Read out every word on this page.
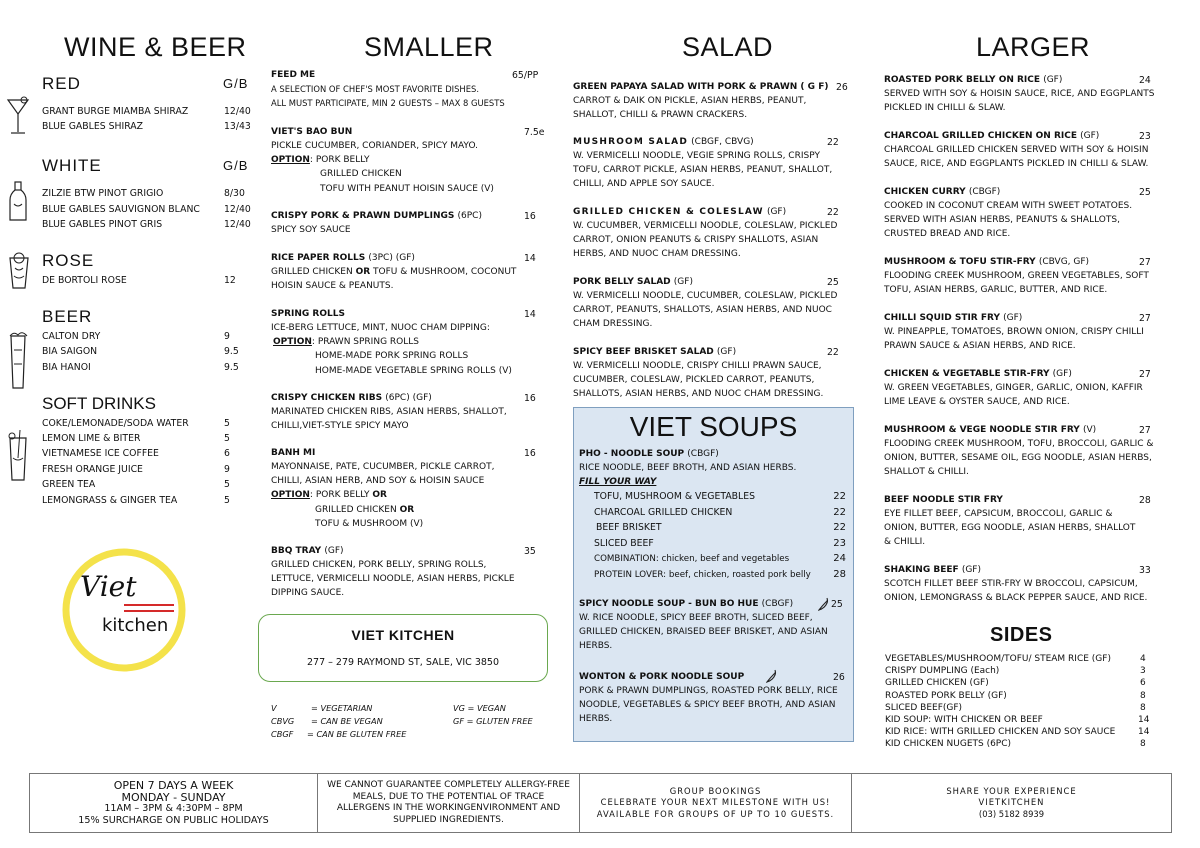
WINE & BEER
RED	G/B
GRANT BURGE MIAMBA SHIRAZ	12/40
BLUE GABLES SHIRAZ	13/43
WHITE	G/B
ZILZIE BTW PINOT GRIGIO	8/30
BLUE GABLES SAUVIGNON BLANC	12/40
BLUE GABLES PINOT GRIS	12/40
ROSE
DE BORTOLI ROSE	12
BEER
CALTON DRY	9
BIA SAIGON	9.5
BIA HANOI	9.5
SOFT DRINKS
COKE/LEMONADE/SODA WATER	5
LEMON LIME & BITER	5
VIETNAMESE ICE COFFEE	6
FRESH ORANGE JUICE	9
GREEN TEA	5
LEMONGRASS & GINGER TEA	5
Viet
kitchen
SMALLER
FEED ME
A SELECTION OF CHEF'S MOST FAVORITE DISHES.
ALL MUST PARTICIPATE, MIN 2 GUESTS – MAX 8 GUESTS
65/PP
VIET'S BAO BUN
PICKLE CUCUMBER, CORIANDER, SPICY MAYO.
OPTION: PORK BELLY
GRILLED CHICKEN
TOFU WITH PEANUT HOISIN SAUCE (V)
7.5e
CRISPY PORK & PRAWN DUMPLINGS (6PC)
SPICY SOY SAUCE
16
RICE PAPER ROLLS (3PC) (GF)
GRILLED CHICKEN OR TOFU & MUSHROOM, COCONUT
HOISIN SAUCE & PEANUTS.
14
SPRING ROLLS
ICE-BERG LETTUCE, MINT, NUOC CHAM DIPPING:
OPTION: PRAWN SPRING ROLLS
HOME-MADE PORK SPRING ROLLS
HOME-MADE VEGETABLE SPRING ROLLS (V)
14
CRISPY CHICKEN RIBS (6PC) (GF)
MARINATED CHICKEN RIBS, ASIAN HERBS, SHALLOT,
CHILLI,VIET-STYLE SPICY MAYO
16
BANH MI
MAYONNAISE, PATE, CUCUMBER, PICKLE CARROT,
CHILLI, ASIAN HERB, AND SOY & HOISIN SAUCE
OPTION: PORK BELLY OR
GRILLED CHICKEN OR
TOFU & MUSHROOM (V)
16
BBQ TRAY (GF)
GRILLED CHICKEN, PORK BELLY, SPRING ROLLS,
LETTUCE, VERMICELLI NOODLE, ASIAN HERBS, PICKLE
DIPPING SAUCE.
35
VIET KITCHEN
277 – 279 RAYMOND ST, SALE, VIC 3850
V	= VEGETARIAN	VG = VEGAN
CBVG = CAN BE VEGAN	GF = GLUTEN FREE
CBGF = CAN BE GLUTEN FREE
SALAD
GREEN PAPAYA SALAD WITH PORK & PRAWN ( G F)
CARROT & DAIK ON PICKLE, ASIAN HERBS, PEANUT,
SHALLOT, CHILLI & PRAWN CRACKERS.
26
MUSHROOM SALAD (CBGF, CBVG)
W. VERMICELLI NOODLE, VEGIE SPRING ROLLS, CRISPY
TOFU, CARROT PICKLE, ASIAN HERBS, PEANUT, SHALLOT,
CHILLI, AND APPLE SOY SAUCE.
22
GRILLED CHICKEN & COLESLAW (GF)
W. CUCUMBER, VERMICELLI NOODLE, COLESLAW, PICKLED
CARROT, ONION PEANUTS & CRISPY SHALLOTS, ASIAN
HERBS, AND NUOC CHAM DRESSING.
22
PORK BELLY SALAD (GF)
W. VERMICELLI NOODLE, CUCUMBER, COLESLAW, PICKLED
CARROT, PEANUTS, SHALLOTS, ASIAN HERBS, AND NUOC
CHAM DRESSING.
25
SPICY BEEF BRISKET SALAD (GF)
W. VERMICELLI NOODLE, CRISPY CHILLI PRAWN SAUCE,
CUCUMBER, COLESLAW, PICKLED CARROT, PEANUTS,
SHALLOTS, ASIAN HERBS, AND NUOC CHAM DRESSING.
22
VIET SOUPS
PHO - NOODLE SOUP (CBGF)
RICE NOODLE, BEEF BROTH, AND ASIAN HERBS.
FILL YOUR WAY
TOFU, MUSHROOM & VEGETABLES	22
CHARCOAL GRILLED CHICKEN	22
BEEF BRISKET	22
SLICED BEEF	23
COMBINATION: chicken, beef and vegetables	24
PROTEIN LOVER: beef, chicken, roasted pork belly 28
SPICY NOODLE SOUP - BUN BO HUE (CBGF)
W. RICE NOODLE, SPICY BEEF BROTH, SLICED BEEF,
GRILLED CHICKEN, BRAISED BEEF BRISKET, AND ASIAN
HERBS.
25
WONTON & PORK NOODLE SOUP
PORK & PRAWN DUMPLINGS, ROASTED PORK BELLY, RICE
NOODLE, VEGETABLES & SPICY BEEF BROTH, AND ASIAN
HERBS.
26
LARGER
ROASTED PORK BELLY ON RICE (GF)
SERVED WITH SOY & HOISIN SAUCE, RICE, AND EGGPLANTS
PICKLED IN CHILLI & SLAW.
24
CHARCOAL GRILLED CHICKEN ON RICE (GF)
CHARCOAL GRILLED CHICKEN SERVED WITH SOY & HOISIN
SAUCE, RICE, AND EGGPLANTS PICKLED IN CHILLI & SLAW.
23
CHICKEN CURRY (CBGF)
COOKED IN COCONUT CREAM WITH SWEET POTATOES.
SERVED WITH ASIAN HERBS, PEANUTS & SHALLOTS,
CRUSTED BREAD AND RICE.
25
MUSHROOM & TOFU STIR-FRY (CBVG, GF)
FLOODING CREEK MUSHROOM, GREEN VEGETABLES, SOFT
TOFU, ASIAN HERBS, GARLIC, BUTTER, AND RICE.
27
CHILLI SQUID STIR FRY (GF)
W. PINEAPPLE, TOMATOES, BROWN ONION, CRISPY CHILLI
PRAWN SAUCE & ASIAN HERBS, AND RICE.
27
CHICKEN & VEGETABLE STIR-FRY (GF)
W. GREEN VEGETABLES, GINGER, GARLIC, ONION, KAFFIR
LIME LEAVE & OYSTER SAUCE, AND RICE.
27
MUSHROOM & VEGE NOODLE STIR FRY (V)
FLOODING CREEK MUSHROOM, TOFU, BROCCOLI, GARLIC &
ONION, BUTTER, SESAME OIL, EGG NOODLE, ASIAN HERBS,
SHALLOT & CHILLI.
27
BEEF NOODLE STIR FRY
EYE FILLET BEEF, CAPSICUM, BROCCOLI, GARLIC &
ONION, BUTTER, EGG NOODLE, ASIAN HERBS, SHALLOT
& CHILLI.
28
SHAKING BEEF (GF)
SCOTCH FILLET BEEF STIR-FRY W BROCCOLI, CAPSICUM,
ONION, LEMONGRASS & BLACK PEPPER SAUCE, AND RICE.
33
SIDES
VEGETABLES/MUSHROOM/TOFU/ STEAM RICE (GF)	4
CRISPY DUMPLING (Each)	3
GRILLED CHICKEN (GF)	6
ROASTED PORK BELLY (GF)	8
SLICED BEEF(GF)	8
KID SOUP: WITH CHICKEN OR BEEF	14
KID RICE: WITH GRILLED CHICKEN AND SOY SAUCE	14
KID CHICKEN NUGETS (6PC)	8
OPEN 7 DAYS A WEEK
MONDAY - SUNDAY
11AM – 3PM & 4:30PM – 8PM
15% SURCHARGE ON PUBLIC HOLIDAYS
WE CANNOT GUARANTEE COMPLETELY ALLERGY-FREE
MEALS, DUE TO THE POTENTIAL OF TRACE
ALLERGENS IN THE WORKINGENVIRONMENT AND
SUPPLIED INGREDIENTS.
GROUP BOOKINGS
CELEBRATE YOUR NEXT MILESTONE WITH US!
AVAILABLE FOR GROUPS OF UP TO 10 GUESTS.
SHARE YOUR EXPERIENCE
VIETKITCHEN
(03) 5182 8939
